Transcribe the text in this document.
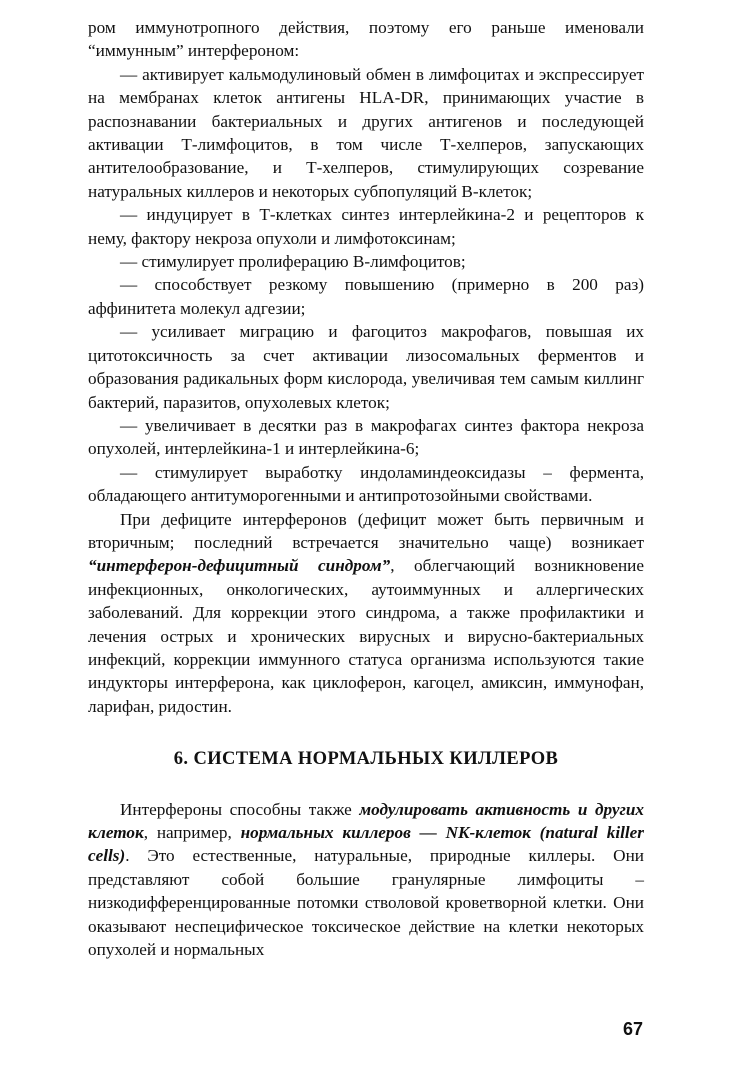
ром иммунотропного действия, поэтому его раньше именовали “иммунным” интерфероном:

— активирует кальмодулиновый обмен в лимфоцитах и экспрессирует на мембранах клеток антигены HLA-DR, принимающих участие в распознавании бактериальных и других антигенов и последующей активации Т-лимфоцитов, в том числе Т-хелперов, запускающих антителообразование, и Т-хелперов, стимулирующих созревание натуральных киллеров и некоторых субпопуляций В-клеток;

— индуцирует в Т-клетках синтез интерлейкина-2 и рецепторов к нему, фактору некроза опухоли и лимфотоксинам;

— стимулирует пролиферацию В-лимфоцитов;

— способствует резкому повышению (примерно в 200 раз) аффинитета молекул адгезии;

— усиливает миграцию и фагоцитоз макрофагов, повышая их цитотоксичность за счет активации лизосомальных ферментов и образования радикальных форм кислорода, увеличивая тем самым киллинг бактерий, паразитов, опухолевых клеток;

— увеличивает в десятки раз в макрофагах синтез фактора некроза опухолей, интерлейкина-1 и интерлейкина-6;

— стимулирует выработку индоламиндеоксидазы – фермента, обладающего антитуморогенными и антипротозойными свойствами.

При дефиците интерферонов (дефицит может быть первичным и вторичным; последний встречается значительно чаще) возникает “интерферон-дефицитный синдром”, облегчающий возникновение инфекционных, онкологических, аутоиммунных и аллергических заболеваний. Для коррекции этого синдрома, а также профилактики и лечения острых и хронических вирусных и вирусно-бактериальных инфекций, коррекции иммунного статуса организма используются такие индукторы интерферона, как циклоферон, кагоцел, амиксин, иммунофан, ларифан, ридостин.

6. СИСТЕМА НОРМАЛЬНЫХ КИЛЛЕРОВ

Интерфероны способны также модулировать активность и других клеток, например, нормальных киллеров — NK-клеток (natural killer cells). Это естественные, натуральные, природные киллеры. Они представляют собой большие гранулярные лимфоциты – низкодифференцированные потомки стволовой кроветворной клетки. Они оказывают неспецифическое токсическое действие на клетки некоторых опухолей и нормальных

67
